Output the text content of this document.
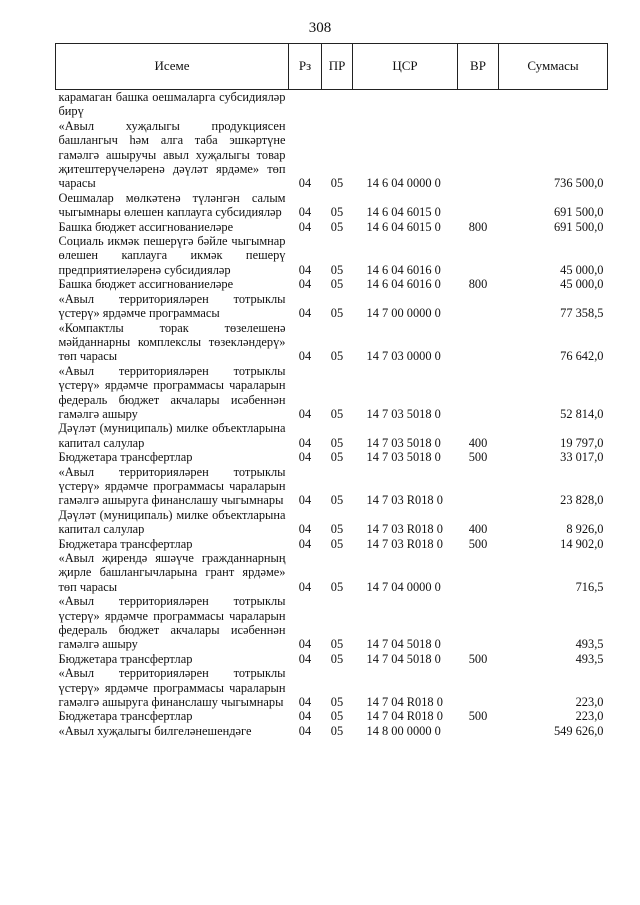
308
Исеме	Рз	ПР	ЦСР	ВР	Суммасы
карамаган башка оешмаларга субсидияләр бирү					
«Авыл хуҗалыгы продукциясен башлангыч һәм алга таба эшкәртүне гамәлгә ашыручы авыл хуҗалыгы товар җитештерүчеләренә дәүләт ярдәме» төп чарасы	04	05	14 6 04 0000 0		736 500,0
Оешмалар мөлкәтенә түләнгән салым чыгымнары өлешен каплауга субсидияләр	04	05	14 6 04 6015 0		691 500,0
Башка бюджет ассигнованиеләре	04	05	14 6 04 6015 0	800	691 500,0
Социаль икмәк пешерүгә бәйле чыгымнар өлешен каплауга икмәк пешерү предприятиеләренә субсидияләр	04	05	14 6 04 6016 0		45 000,0
Башка бюджет ассигнованиеләре	04	05	14 6 04 6016 0	800	45 000,0
«Авыл территорияләрен тотрыклы үстерү» ярдәмче программасы	04	05	14 7 00 0000 0		77 358,5
«Компактлы торак төзелешенә мәйданнарны комплекслы төзекләндерү» төп чарасы	04	05	14 7 03 0000 0		76 642,0
«Авыл территорияләрен тотрыклы үстерү» ярдәмче программасы чараларын федераль бюджет акчалары исәбеннән гамәлгә ашыру	04	05	14 7 03 5018 0		52 814,0
Дәүләт (муниципаль) милке объектларына капитал салулар	04	05	14 7 03 5018 0	400	19 797,0
Бюджетара трансфертлар	04	05	14 7 03 5018 0	500	33 017,0
«Авыл территорияләрен тотрыклы үстерү» ярдәмче программасы чараларын гамәлгә ашыруга финанслашу чыгымнары	04	05	14 7 03 R018 0		23 828,0
Дәүләт (муниципаль) милке объектларына капитал салулар	04	05	14 7 03 R018 0	400	8 926,0
Бюджетара трансфертлар	04	05	14 7 03 R018 0	500	14 902,0
«Авыл җирендә яшәүче гражданнарның җирле башлангычларына грант ярдәме» төп чарасы	04	05	14 7 04 0000 0		716,5
«Авыл территорияләрен тотрыклы үстерү» ярдәмче программасы чараларын федераль бюджет акчалары исәбеннән гамәлгә ашыру	04	05	14 7 04 5018 0		493,5
Бюджетара трансфертлар	04	05	14 7 04 5018 0	500	493,5
«Авыл территорияләрен тотрыклы үстерү» ярдәмче программасы чараларын гамәлгә ашыруга финанслашу чыгымнары	04	05	14 7 04 R018 0		223,0
Бюджетара трансфертлар	04	05	14 7 04 R018 0	500	223,0
«Авыл хуҗалыгы билгеләнешендәге	04	05	14 8 00 0000 0		549 626,0
